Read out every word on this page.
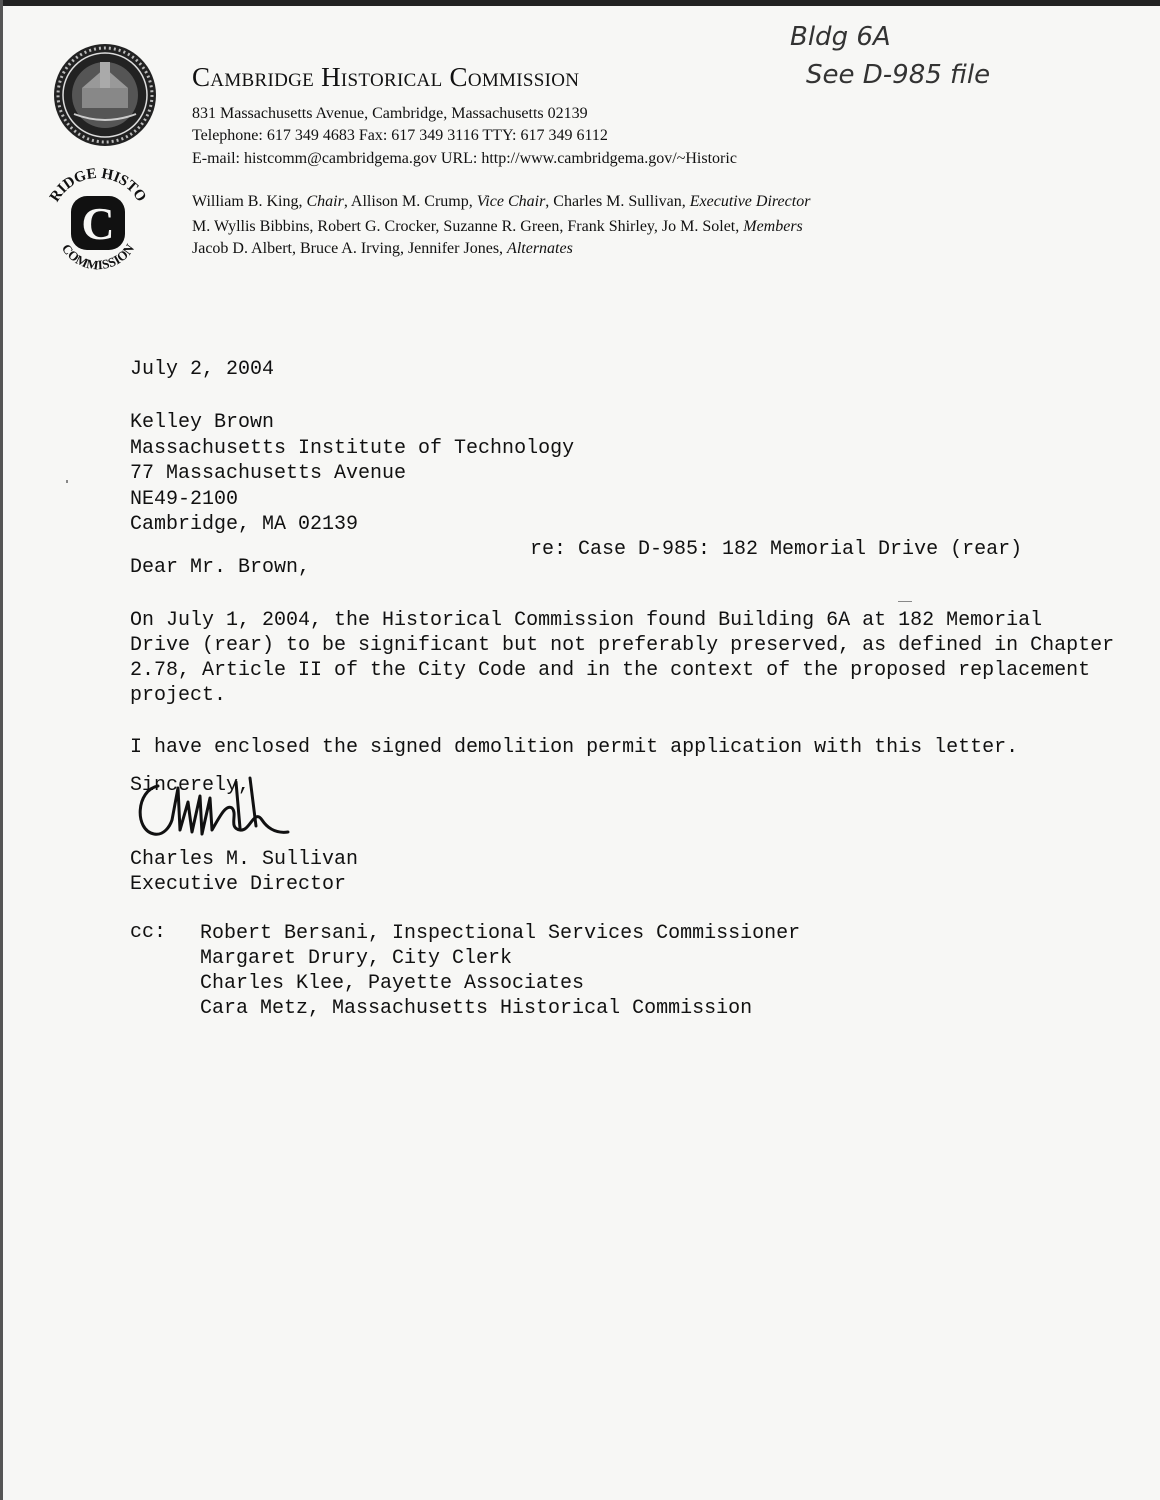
RIDGE HISTO
COMMISSION
C
Cambridge Historical Commission
831 Massachusetts Avenue, Cambridge, Massachusetts 02139
Telephone: 617 349 4683 Fax: 617 349 3116 TTY: 617 349 6112
E-mail: histcomm@cambridgema.gov URL: http://www.cambridgema.gov/~Historic
William B. King, Chair, Allison M. Crump, Vice Chair, Charles M. Sullivan, Executive Director
M. Wyllis Bibbins, Robert G. Crocker, Suzanne R. Green, Frank Shirley, Jo M. Solet, Members
Jacob D. Albert, Bruce A. Irving, Jennifer Jones, Alternates
Bldg 6A
See D-985 file
July 2, 2004
Kelley Brown
Massachusetts Institute of Technology
77 Massachusetts Avenue
NE49-2100
Cambridge, MA 02139
re: Case D-985: 182 Memorial Drive (rear)
Dear Mr. Brown,
On July 1, 2004, the Historical Commission found Building 6A at 182 Memorial
Drive (rear) to be significant but not preferably preserved, as defined in Chapter
2.78, Article II of the City Code and in the context of the proposed replacement
project.
I have enclosed the signed demolition permit application with this letter.
Sincerely,
Charles M. Sullivan
Executive Director
cc: Robert Bersani, Inspectional Services Commissioner
Margaret Drury, City Clerk
Charles Klee, Payette Associates
Cara Metz, Massachusetts Historical Commission
